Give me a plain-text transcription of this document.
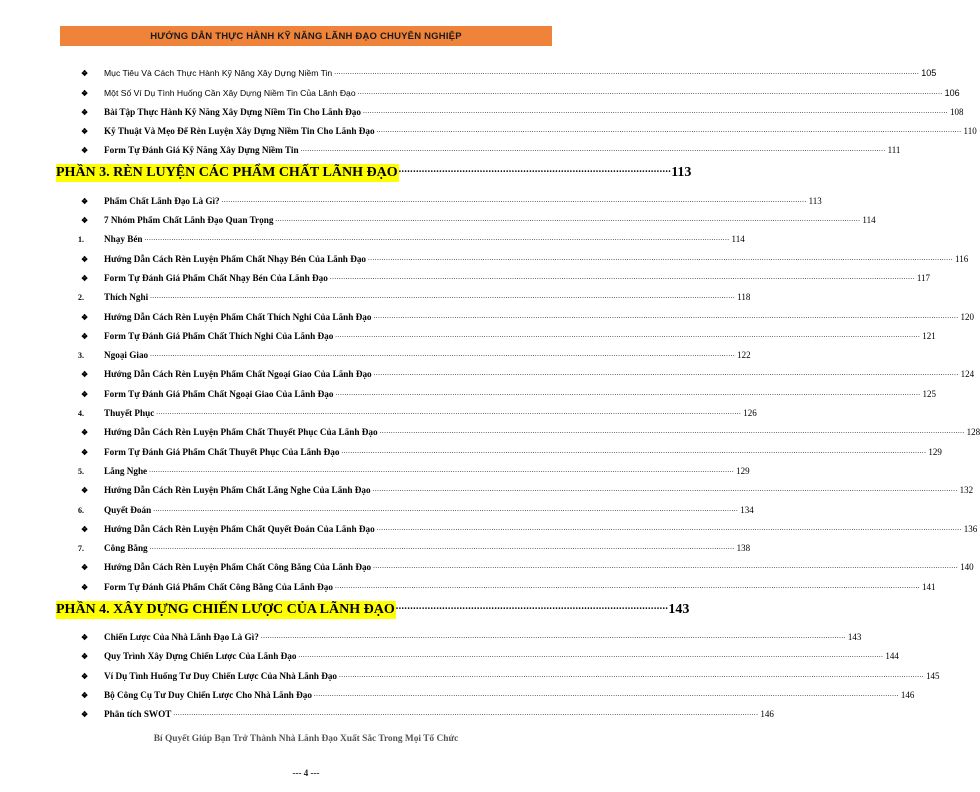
HƯỚNG DẪN THỰC HÀNH KỸ NĂNG LÃNH ĐẠO CHUYÊN NGHIỆP
❖	Mục Tiêu Và Cách Thực Hành Kỹ Năng Xây Dựng Niềm Tin .................................................................................................................................................................................................................................................................... 105
❖	Một Số Ví Dụ Tình Huống Cần Xây Dựng Niềm Tin Của Lãnh Đạo .................................................................................................................................................................................................................................................................... 106
❖	Bài Tập Thực Hành Kỹ Năng Xây Dựng Niềm Tin Cho Lãnh Đạo .................................................................................................................................................................................................................................................................... 108
❖	Kỹ Thuật Và Mẹo Để Rèn Luyện Xây Dựng Niềm Tin Cho Lãnh Đạo .................................................................................................................................................................................................................................................................... 110
❖	Form Tự Đánh Giá Kỹ Năng Xây Dựng Niềm Tin .................................................................................................................................................................................................................................................................... 111
PHẦN 3. RÈN LUYỆN CÁC PHẨM CHẤT LÃNH ĐẠO .............................................................................................. 113
❖	Phẩm Chất Lãnh Đạo Là Gì? .................................................................................................................................................................................................................................................................... 113
❖	7 Nhóm Phẩm Chất Lãnh Đạo Quan Trọng .................................................................................................................................................................................................................................................................... 114
1.	Nhạy Bén .................................................................................................................................................................................................................................................................... 114
❖	Hướng Dẫn Cách Rèn Luyện Phẩm Chất Nhạy Bén Của Lãnh Đạo .................................................................................................................................................................................................................................................................... 116
❖	Form Tự Đánh Giá Phẩm Chất Nhạy Bén Của Lãnh Đạo .................................................................................................................................................................................................................................................................... 117
2.	Thích Nghi .................................................................................................................................................................................................................................................................... 118
❖	Hướng Dẫn Cách Rèn Luyện Phẩm Chất Thích Nghi Của Lãnh Đạo .................................................................................................................................................................................................................................................................... 120
❖	Form Tự Đánh Giá Phẩm Chất Thích Nghi Của Lãnh Đạo .................................................................................................................................................................................................................................................................... 121
3.	Ngoại Giao .................................................................................................................................................................................................................................................................... 122
❖	Hướng Dẫn Cách Rèn Luyện Phẩm Chất Ngoại Giao Của Lãnh Đạo .................................................................................................................................................................................................................................................................... 124
❖	Form Tự Đánh Giá Phẩm Chất Ngoại Giao Của Lãnh Đạo .................................................................................................................................................................................................................................................................... 125
4.	Thuyết Phục .................................................................................................................................................................................................................................................................... 126
❖	Hướng Dẫn Cách Rèn Luyện Phẩm Chất Thuyết Phục Của Lãnh Đạo .................................................................................................................................................................................................................................................................... 128
❖	Form Tự Đánh Giá Phẩm Chất Thuyết Phục Của Lãnh Đạo .................................................................................................................................................................................................................................................................... 129
5.	Lắng Nghe .................................................................................................................................................................................................................................................................... 129
❖	Hướng Dẫn Cách Rèn Luyện Phẩm Chất Lắng Nghe Của Lãnh Đạo .................................................................................................................................................................................................................................................................... 132
6.	Quyết Đoán .................................................................................................................................................................................................................................................................... 134
❖	Hướng Dẫn Cách Rèn Luyện Phẩm Chất Quyết Đoán Của Lãnh Đạo .................................................................................................................................................................................................................................................................... 136
7.	Công Bằng .................................................................................................................................................................................................................................................................... 138
❖	Hướng Dẫn Cách Rèn Luyện Phẩm Chất Công Bằng Của Lãnh Đạo .................................................................................................................................................................................................................................................................... 140
❖	Form Tự Đánh Giá Phẩm Chất Công Bằng Của Lãnh Đạo .................................................................................................................................................................................................................................................................... 141
PHẦN 4. XÂY DỰNG CHIẾN LƯỢC CỦA LÃNH ĐẠO .............................................................................................. 143
❖	Chiến Lược Của Nhà Lãnh Đạo Là Gì? .................................................................................................................................................................................................................................................................... 143
❖	Quy Trình Xây Dựng Chiến Lược Của Lãnh Đạo .................................................................................................................................................................................................................................................................... 144
❖	Ví Dụ Tình Huống Tư Duy Chiến Lược Của Nhà Lãnh Đạo .................................................................................................................................................................................................................................................................... 145
❖	Bộ Công Cụ Tư Duy Chiến Lược Cho Nhà Lãnh Đạo .................................................................................................................................................................................................................................................................... 146
❖	Phân tích SWOT .................................................................................................................................................................................................................................................................... 146
Bí Quyết Giúp Bạn Trở Thành Nhà Lãnh Đạo Xuất Sắc Trong Mọi Tổ Chức
--- 4 ---
